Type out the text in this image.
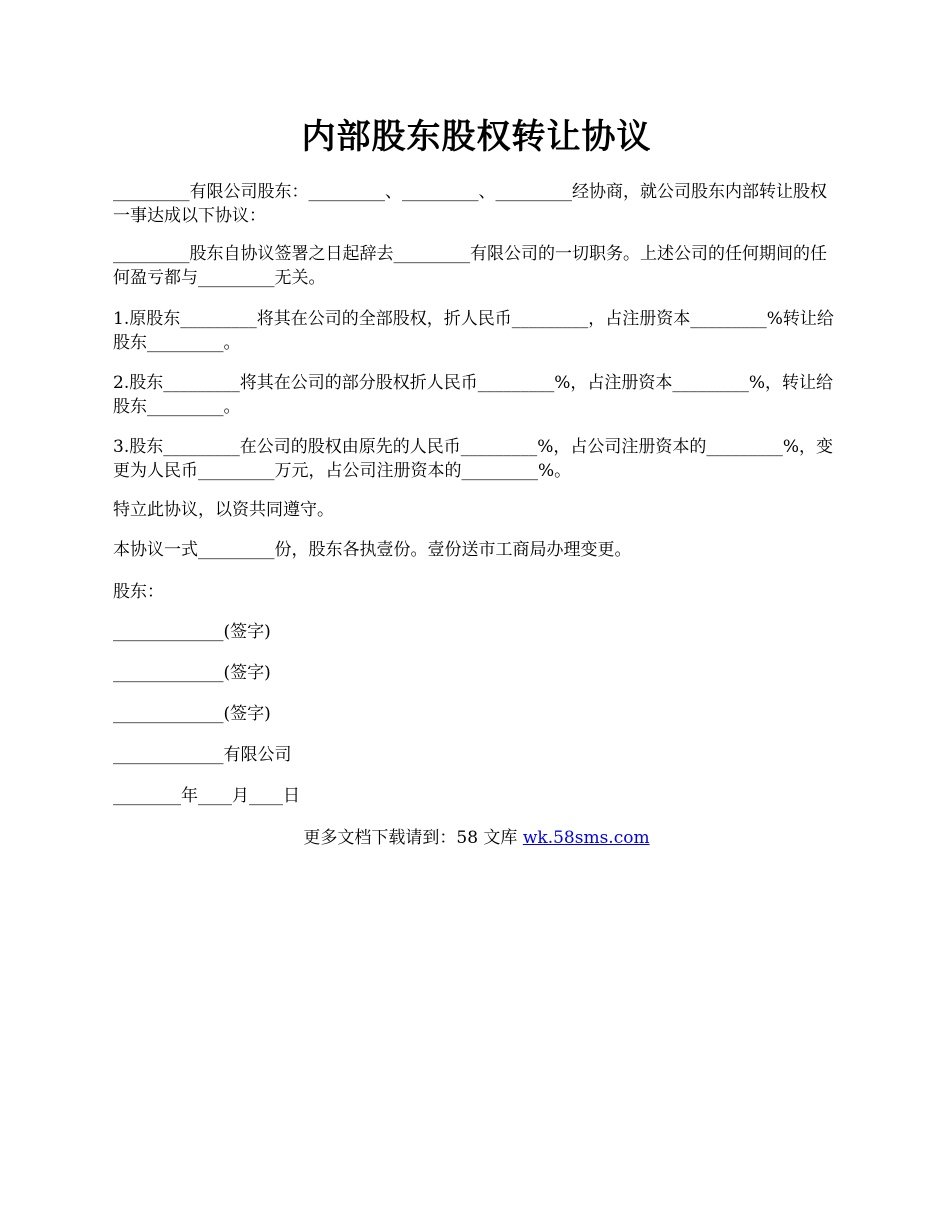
内部股东股权转让协议

_________有限公司股东：_________、_________、_________经协商，就公司股东内部转让股权一事达成以下协议：

_________股东自协议签署之日起辞去_________有限公司的一切职务。上述公司的任何期间的任何盈亏都与_________无关。

1.原股东_________将其在公司的全部股权，折人民币_________，占注册资本_________%转让给股东_________。

2.股东_________将其在公司的部分股权折人民币_________%，占注册资本_________%，转让给股东_________。

3.股东_________在公司的股权由原先的人民币_________%，占公司注册资本的_________%，变更为人民币_________万元，占公司注册资本的_________%。

特立此协议，以资共同遵守。

本协议一式_________份，股东各执壹份。壹份送市工商局办理变更。

股东：

_____________(签字)

_____________(签字)

_____________(签字)

_____________有限公司

________年____月____日

更多文档下载请到：58 文库 wk.58sms.com
